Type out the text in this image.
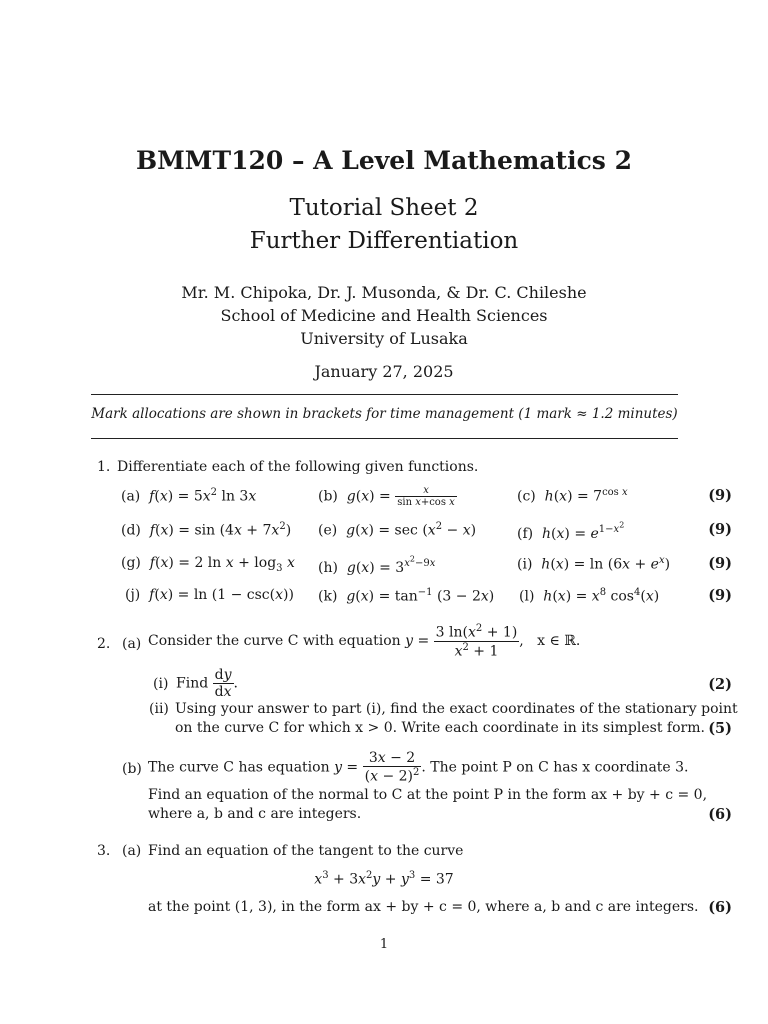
BMMT120 – A Level Mathematics 2
Tutorial Sheet 2
Further Differentiation
Mr. M. Chipoka, Dr. J. Musonda, & Dr. C. Chileshe
School of Medicine and Health Sciences
University of Lusaka
January 27, 2025
Mark allocations are shown in brackets for time management (1 mark ≈ 1.2 minutes)
1. Differentiate each of the following given functions.
(a)  $f(x) = 5x^2$ ln 3x	(b)  $g(x) = \frac{x}{\text{sin x+cos x}}$	(c)  $h(x) = 7^{cos x}$	(9)
(d)  $f(x) = \sin (4x + 7x^2)$ (e)  $g(x) = \sec (x^2 - x)$	(f)  $h(x) = e^{1-x^2}$	(9)
(g)  f(x) = 2 $\ln x + \log_3 x$ (h)  $g(x) = 3^{x^2-9x}$	(i)  $h(x) = \ln (6x + e^x)$	(9)
(j)  f(x) = ln (1 − csc(x)) (k)  $g(x) = \tan^{-1} (3 - 2x)$ (l)  $h(x) = x^8$ $\cos^4(x)$	(9)
2. (a) Consider the curve C with equation $y = \frac{3 \ln(x^2 + 1)}{x^2 + 1}$ ,   x ∈ ℝ.
(i) Find $\frac{dy}{dx}$ .	(2)
(ii) Using your answer to part (i), find the exact coordinates of the stationary point
on the curve C for which x > 0. Write each coordinate in its simplest form. (5)
(b) The curve C has equation $y = \frac{3x - 2}{(x - 2)^2}$ . The point P on C has x coordinate 3.
Find an equation of the normal to C at the point P in the form ax + by + c = 0,
where a, b and c are integers.	(6)
3. (a) Find an equation of the tangent to the curve
$x^3 + 3x^2y + y^3 = 37$
at the point (1, 3), in the form ax + by + c = 0, where a, b and c are integers. (6)
1
